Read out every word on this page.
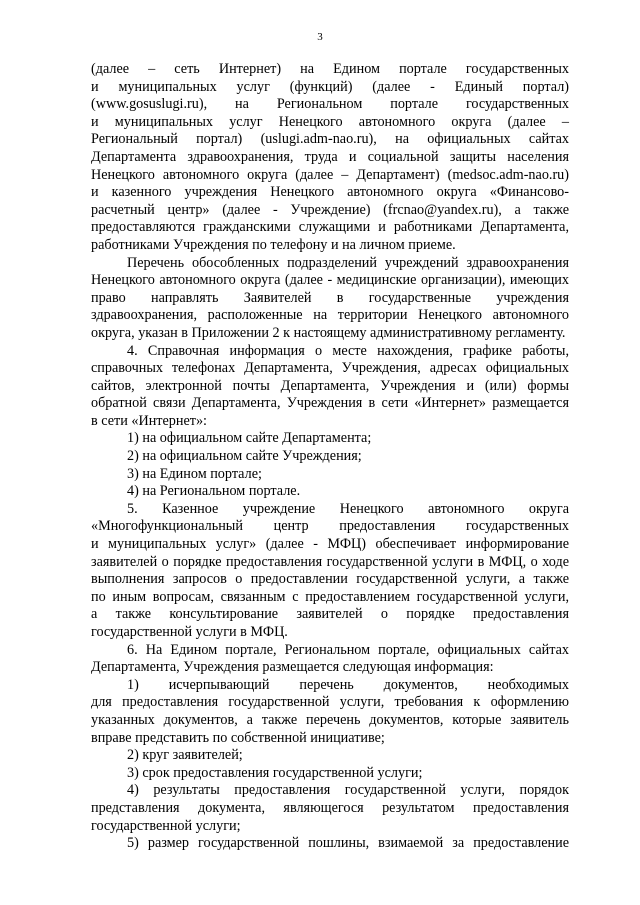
3
(далее – сеть Интернет) на Едином портале государственных
и муниципальных услуг (функций) (далее - Единый портал)
(www.gosuslugi.ru), на Региональном портале государственных
и муниципальных услуг Ненецкого автономного округа (далее –
Региональный портал) (uslugi.adm-nao.ru), на официальных сайтах
Департамента здравоохранения, труда и социальной защиты населения
Ненецкого автономного округа (далее – Департамент) (medsoc.adm-nao.ru)
и казенного учреждения Ненецкого автономного округа «Финансово-
расчетный центр» (далее - Учреждение) (frcnao@yandex.ru), а также
предоставляются гражданскими служащими и работниками Департамента,
работниками Учреждения по телефону и на личном приеме.
Перечень обособленных подразделений учреждений здравоохранения
Ненецкого автономного округа (далее - медицинские организации), имеющих
право направлять Заявителей в государственные учреждения
здравоохранения, расположенные на территории Ненецкого автономного
округа, указан в Приложении 2 к настоящему административному регламенту.
4. Справочная информация о месте нахождения, графике работы,
справочных телефонах Департамента, Учреждения, адресах официальных
сайтов, электронной почты Департамента, Учреждения и (или) формы
обратной связи Департамента, Учреждения в сети «Интернет» размещается
в сети «Интернет»:
1) на официальном сайте Департамента;
2) на официальном сайте Учреждения;
3) на Едином портале;
4) на Региональном портале.
5. Казенное учреждение Ненецкого автономного округа
«Многофункциональный центр предоставления государственных
и муниципальных услуг» (далее - МФЦ) обеспечивает информирование
заявителей о порядке предоставления государственной услуги в МФЦ, о ходе
выполнения запросов о предоставлении государственной услуги, а также
по иным вопросам, связанным с предоставлением государственной услуги,
а также консультирование заявителей о порядке предоставления
государственной услуги в МФЦ.
6. На Едином портале, Региональном портале, официальных сайтах
Департамента, Учреждения размещается следующая информация:
1) исчерпывающий перечень документов, необходимых
для предоставления государственной услуги, требования к оформлению
указанных документов, а также перечень документов, которые заявитель
вправе представить по собственной инициативе;
2) круг заявителей;
3) срок предоставления государственной услуги;
4) результаты предоставления государственной услуги, порядок
представления документа, являющегося результатом предоставления
государственной услуги;
5) размер государственной пошлины, взимаемой за предоставление
